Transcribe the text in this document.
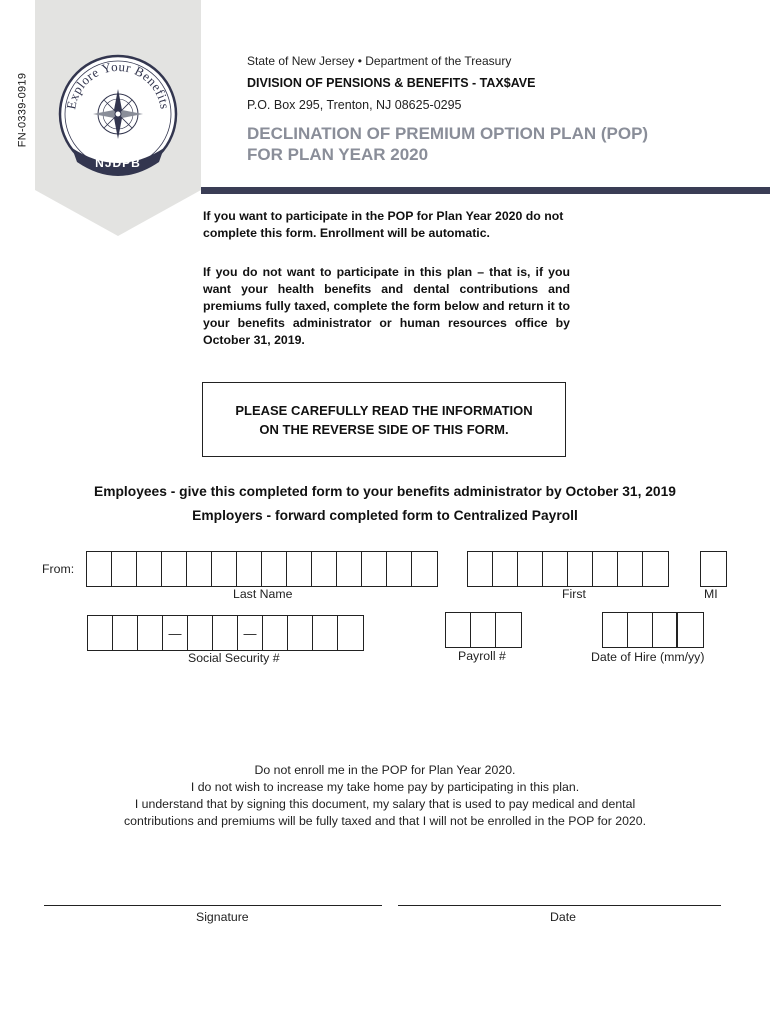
Explore Your Benefits
NJDPB
FN-0339-0919
State of New Jersey • Department of the Treasury
DIVISION OF PENSIONS & BENEFITS - TAX$AVE
P.O. Box 295, Trenton, NJ 08625-0295
DECLINATION OF PREMIUM OPTION PLAN (POP)
FOR PLAN YEAR 2020
If you want to participate in the POP for Plan Year 2020 do not complete this form. Enrollment will be automatic.
If you do not want to participate in this plan – that is, if you want your health benefits and dental contributions and premiums fully taxed, complete the form below and return it to your benefits administrator or human resources office by October 31, 2019.
PLEASE CAREFULLY READ THE INFORMATION
ON THE REVERSE SIDE OF THIS FORM.
Employees - give this completed form to your benefits administrator by October 31, 2019
Employers - forward completed form to Centralized Payroll
From:
Last Name	First	MI
—	—
Social Security #	Payroll #	Date of Hire (mm/yy)
Do not enroll me in the POP for Plan Year 2020.
I do not wish to increase my take home pay by participating in this plan.
I understand that by signing this document, my salary that is used to pay medical and dental
contributions and premiums will be fully taxed and that I will not be enrolled in the POP for 2020.
Signature	Date
